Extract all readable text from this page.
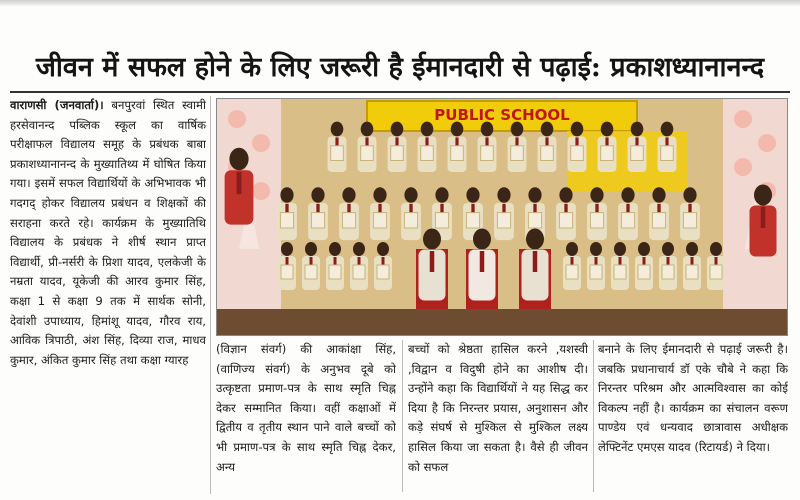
जीवन में सफल होने के लिए जरूरी है ईमानदारी से पढ़ाई: प्रकाशध्यानानन्द

वाराणसी (जनवार्ता)। बनपुरवां स्थित स्वामी हरसेवानन्द पब्लिक स्कूल का वार्षिक परीक्षाफल विद्यालय समूह के प्रबंधक बाबा प्रकाशध्यानानन्द के मुख्यातिथ्य में घोषित किया गया। इसमें सफल विद्यार्थियों के अभिभावक भी गदगद् होकर विद्यालय प्रबंधन व शिक्षकों की सराहना करते रहे। कार्यक्रम के मुख्यातिथि विद्यालय के प्रबंधक ने शीर्ष स्थान प्राप्त विद्यार्थी, प्री-नर्सरी के प्रिशा यादव, एलकेजी के नम्रता यादव, यूकेजी की आरव कुमार सिंह, कक्षा 1 से कक्षा 9 तक में सार्थक सोनी, देवांशी उपाध्याय, हिमांशू यादव, गौरव राय, आविक त्रिपाठी, अंश सिंह, दिव्या राज, माधव कुमार, अंकित कुमार सिंह तथा कक्षा ग्यारह

PUBLIC SCHOOL

(विज्ञान संवर्ग) की आकांक्षा सिंह, (वाणिज्य संवर्ग) के अनुभव दूबे को उत्कृष्टता प्रमाण-पत्र के साथ स्मृति चिह्न देकर सम्मानित किया। वहीं कक्षाओं में द्वितीय व तृतीय स्थान पाने वाले बच्चों को भी प्रमाण-पत्र के साथ स्मृति चिह्न देकर, अन्य

बच्चों को श्रेष्ठता हासिल करने ,यशस्वी ,विद्वान व विदुषी होने का आशीष दी। उन्होंने कहा कि विद्यार्थियों ने यह सिद्ध कर दिया है कि निरन्तर प्रयास, अनुशासन और कड़े संघर्ष से मुश्किल से मुश्किल लक्ष्य हासिल किया जा सकता है। वैसे ही जीवन को सफल

बनाने के लिए ईमानदारी से पढ़ाई जरूरी है। जबकि प्रधानाचार्य डॉ एके चौबे ने कहा कि निरन्तर परिश्रम और आत्मविश्वास का कोई विकल्प नहीं है। कार्यक्रम का संचालन वरूण पाण्डेय एवं धन्यवाद छात्रावास अधीक्षक लेफ्टिनेंट एमएस यादव (रिटायर्ड) ने दिया।
